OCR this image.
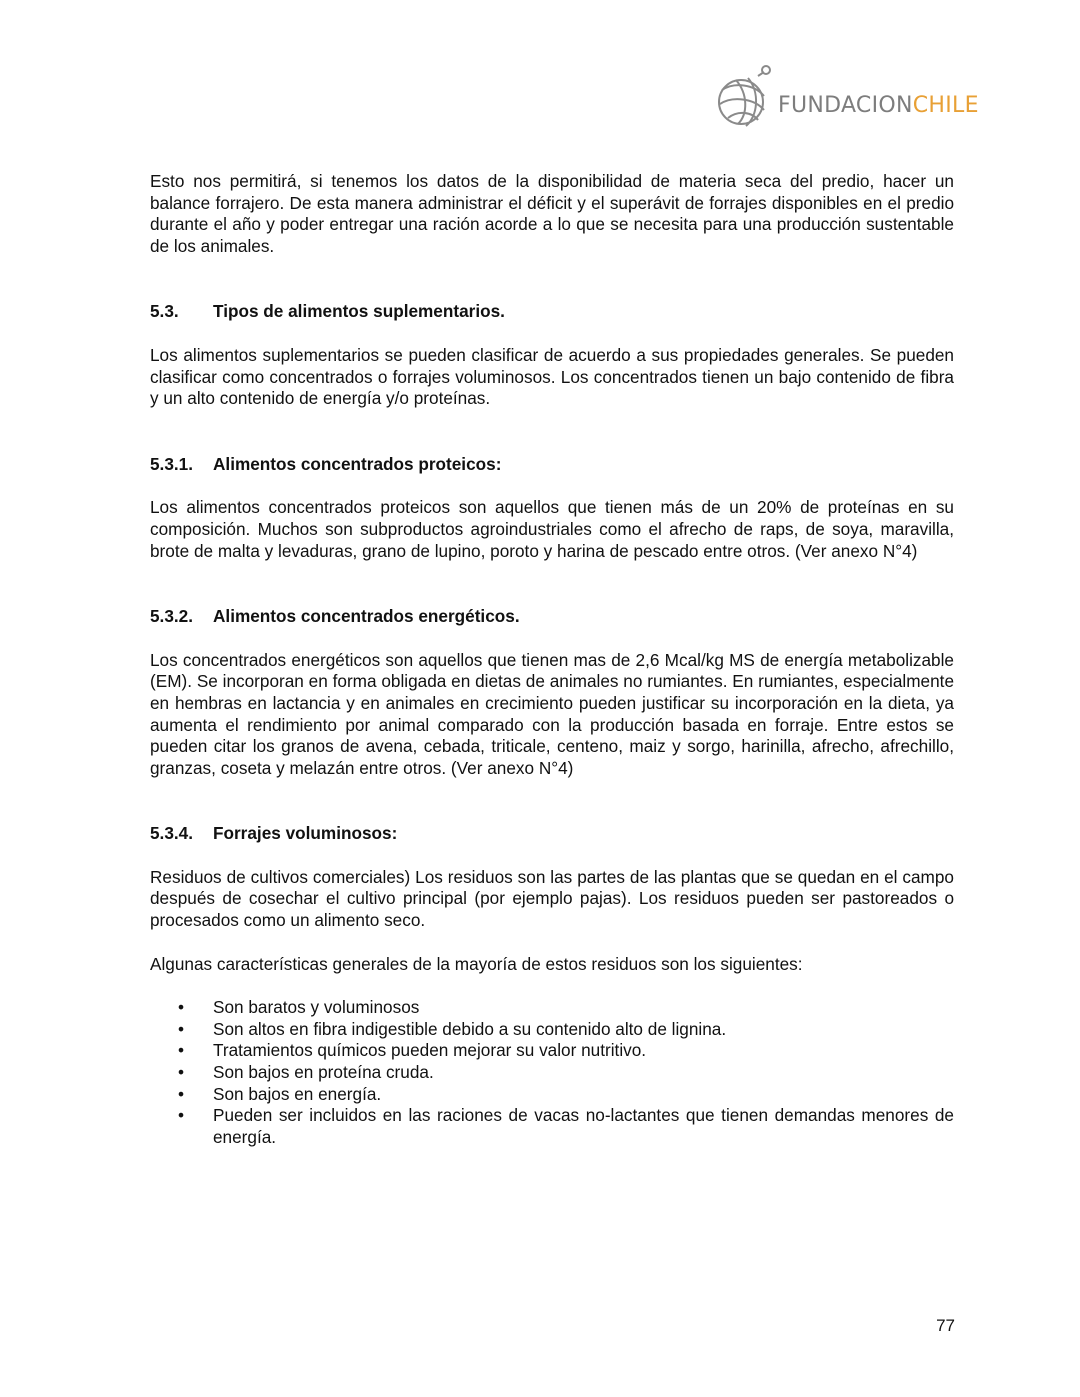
FUNDACIONCHILE

Esto nos permitirá, si tenemos los datos de la disponibilidad de materia seca del predio, hacer un balance forrajero. De esta manera administrar el déficit y el superávit de forrajes disponibles en el predio durante el año y poder entregar una ración acorde a lo que se necesita para una producción sustentable de los animales.

5.3.	Tipos de alimentos suplementarios.

Los alimentos suplementarios se pueden clasificar de acuerdo a sus propiedades generales. Se pueden clasificar como concentrados o forrajes voluminosos. Los concentrados tienen un bajo contenido de fibra y un alto contenido de energía y/o proteínas.

5.3.1.	Alimentos concentrados proteicos:

Los alimentos concentrados proteicos son aquellos que tienen más de un 20% de proteínas en su composición. Muchos son subproductos agroindustriales como el afrecho de raps, de soya, maravilla, brote de malta y levaduras, grano de lupino, poroto y harina de pescado entre otros. (Ver anexo N°4)

5.3.2.	Alimentos concentrados energéticos.

Los concentrados energéticos son aquellos que tienen mas de 2,6 Mcal/kg MS de energía metabolizable (EM). Se incorporan en forma obligada en dietas de animales no rumiantes. En rumiantes, especialmente en hembras en lactancia y en animales en crecimiento pueden justificar su incorporación en la dieta, ya aumenta el rendimiento por animal comparado con la producción basada en forraje. Entre estos se pueden citar los granos de avena, cebada, triticale, centeno, maiz y sorgo, harinilla, afrecho, afrechillo, granzas, coseta y melazán entre otros. (Ver anexo N°4)

5.3.4.	Forrajes voluminosos:

Residuos de cultivos comerciales) Los residuos son las partes de las plantas que se quedan en el campo después de cosechar el cultivo principal (por ejemplo pajas). Los residuos pueden ser pastoreados o procesados como un alimento seco.

Algunas características generales de la mayoría de estos residuos son los siguientes:

• Son baratos y voluminosos
• Son altos en fibra indigestible debido a su contenido alto de lignina.
• Tratamientos químicos pueden mejorar su valor nutritivo.
• Son bajos en proteína cruda.
• Son bajos en energía.
• Pueden ser incluidos en las raciones de vacas no-lactantes que tienen demandas menores de energía.
77
